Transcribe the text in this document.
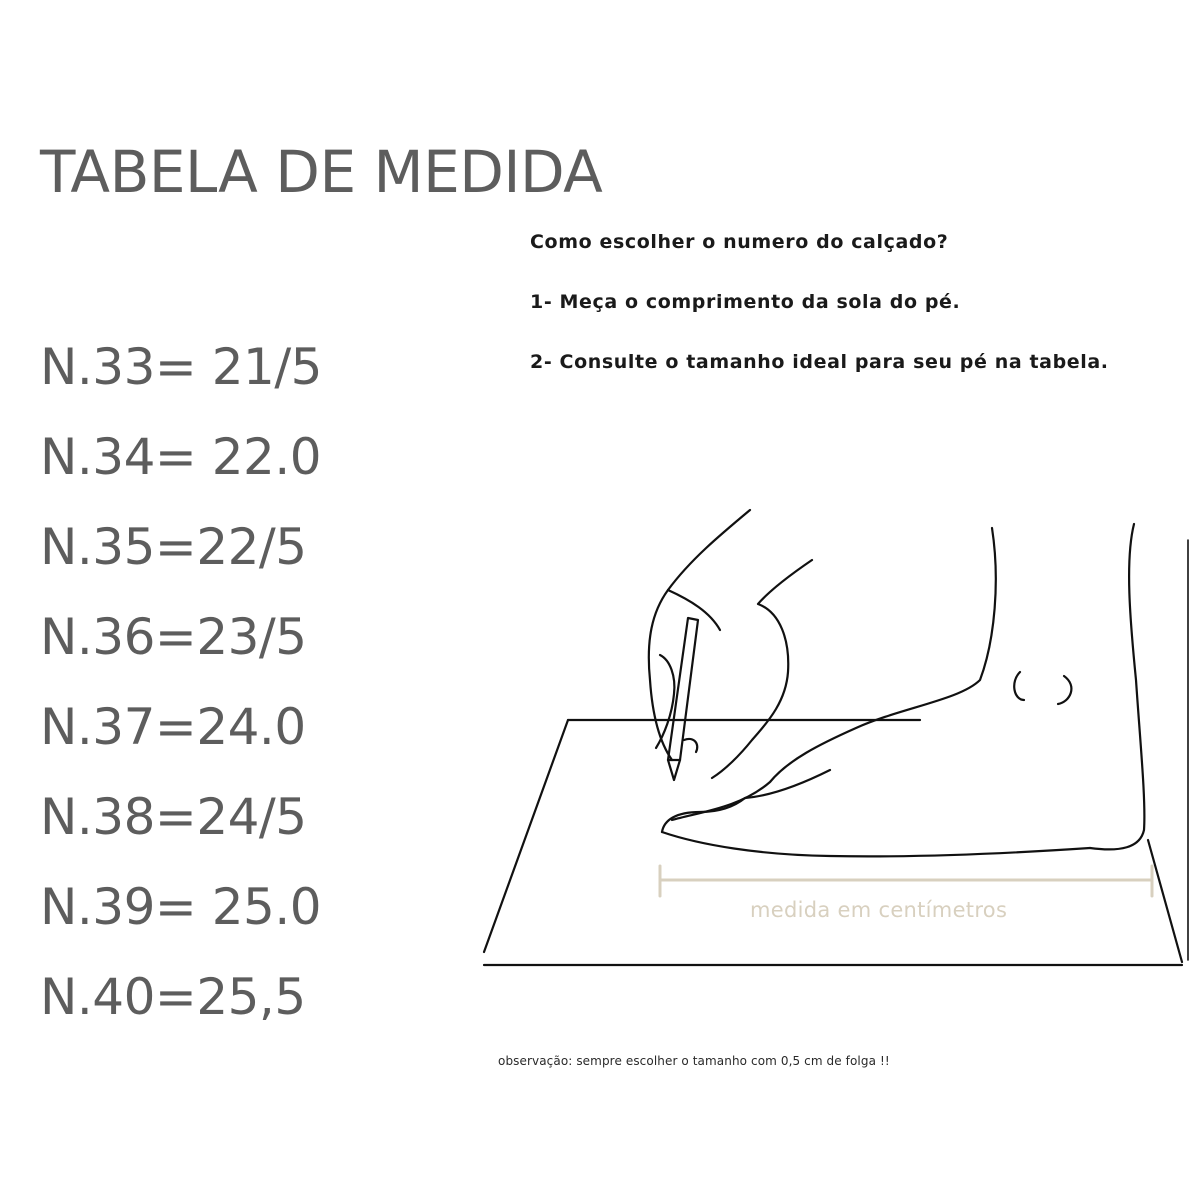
TABELA DE MEDIDA
N.33= 21/5
N.34= 22.0
N.35=22/5
N.36=23/5
N.37=24.0
N.38=24/5
N.39= 25.0
N.40=25,5

Como escolher o numero do calçado?

1- Meça o comprimento da sola do pé.

2- Consulte o tamanho ideal para seu pé na tabela.

medida em centímetros
observação: sempre escolher o tamanho com 0,5 cm de folga !!
